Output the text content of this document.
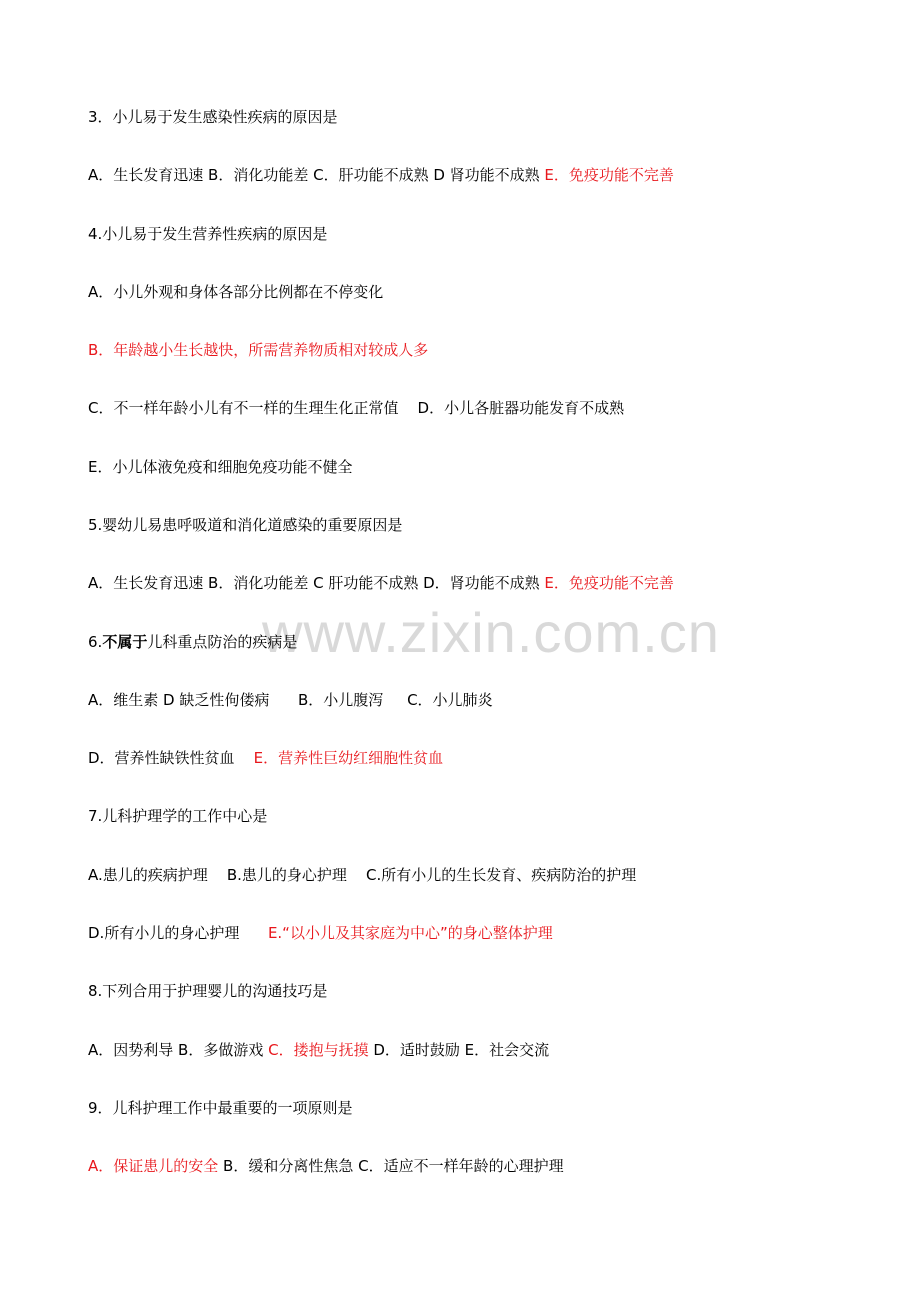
www.zixin.com.cn
3．小儿易于发生感染性疾病的原因是
A．生长发育迅速 B．消化功能差 C．肝功能不成熟 D 肾功能不成熟 E．免疫功能不完善
4.小儿易于发生营养性疾病的原因是
A．小儿外观和身体各部分比例都在不停变化
B．年龄越小生长越快，所需营养物质相对较成人多
C．不一样年龄小儿有不一样的生理生化正常值    D．小儿各脏器功能发育不成熟
E．小儿体液免疫和细胞免疫功能不健全
5.婴幼儿易患呼吸道和消化道感染的重要原因是
A．生长发育迅速 B．消化功能差 C 肝功能不成熟 D．肾功能不成熟 E．免疫功能不完善
6.不属于儿科重点防治的疾病是
A．维生素 D 缺乏性佝偻病      B．小儿腹泻     C．小儿肺炎
D．营养性缺铁性贫血    E．营养性巨幼红细胞性贫血
7.儿科护理学的工作中心是
A.患儿的疾病护理    B.患儿的身心护理    C.所有小儿的生长发育、疾病防治的护理
D.所有小儿的身心护理      E.“以小儿及其家庭为中心”的身心整体护理
8.下列合用于护理婴儿的沟通技巧是
A．因势利导 B．多做游戏 C．搂抱与抚摸 D．适时鼓励 E．社会交流
9．儿科护理工作中最重要的一项原则是
A．保证患儿的安全 B．缓和分离性焦急 C．适应不一样年龄的心理护理
